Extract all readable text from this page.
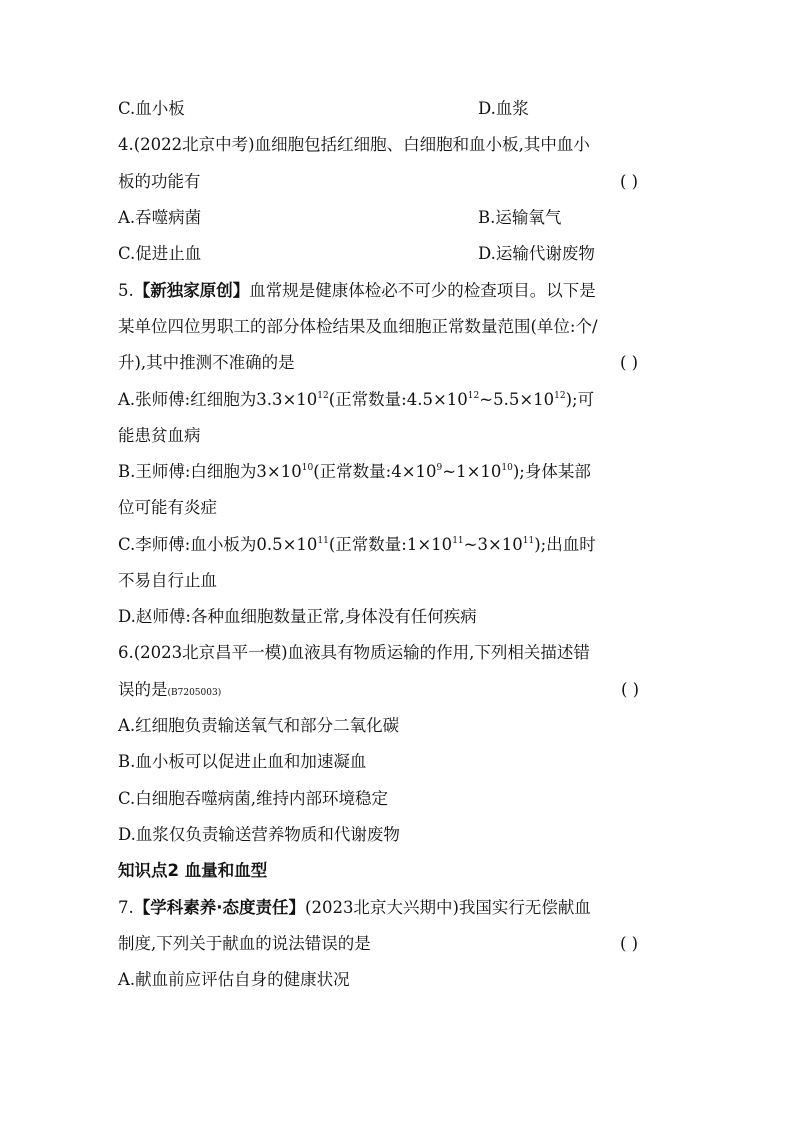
C.血小板	D.血浆
4.(2022北京中考)血细胞包括红细胞、白细胞和血小板,其中血小
板的功能有	( )
A.吞噬病菌	B.运输氧气
C.促进止血	D.运输代谢废物
5.【新独家原创】血常规是健康体检必不可少的检查项目。以下是
某单位四位男职工的部分体检结果及血细胞正常数量范围(单位:个/
升),其中推测不准确的是	( )
A.张师傅:红细胞为$3.3\times 10^{12}$(正常数量$:4.5\times 10^{12}\sim 5.5\times 10^{12}$);可
能患贫血病
B.王师傅:白细胞为$3\times 10^{10}$(正常数量$:4\times 10^9\sim 1\times 10^{10}$);身体某部
位可能有炎症
C.李师傅:血小板为$0.5\times 10^{11}$(正常数量$:1\times 10^{11}\sim 3\times 10^{11}$);出血时
不易自行止血
D.赵师傅:各种血细胞数量正常,身体没有任何疾病
6.(2023北京昌平一模)血液具有物质运输的作用,下列相关描述错
误的是(B7205003)	( )
A.红细胞负责输送氧气和部分二氧化碳
B.血小板可以促进止血和加速凝血
C.白细胞吞噬病菌,维持内部环境稳定
D.血浆仅负责输送营养物质和代谢废物
知识点2 血量和血型
7.【学科素养·态度责任】(2023北京大兴期中)我国实行无偿献血
制度,下列关于献血的说法错误的是	( )
A.献血前应评估自身的健康状况
